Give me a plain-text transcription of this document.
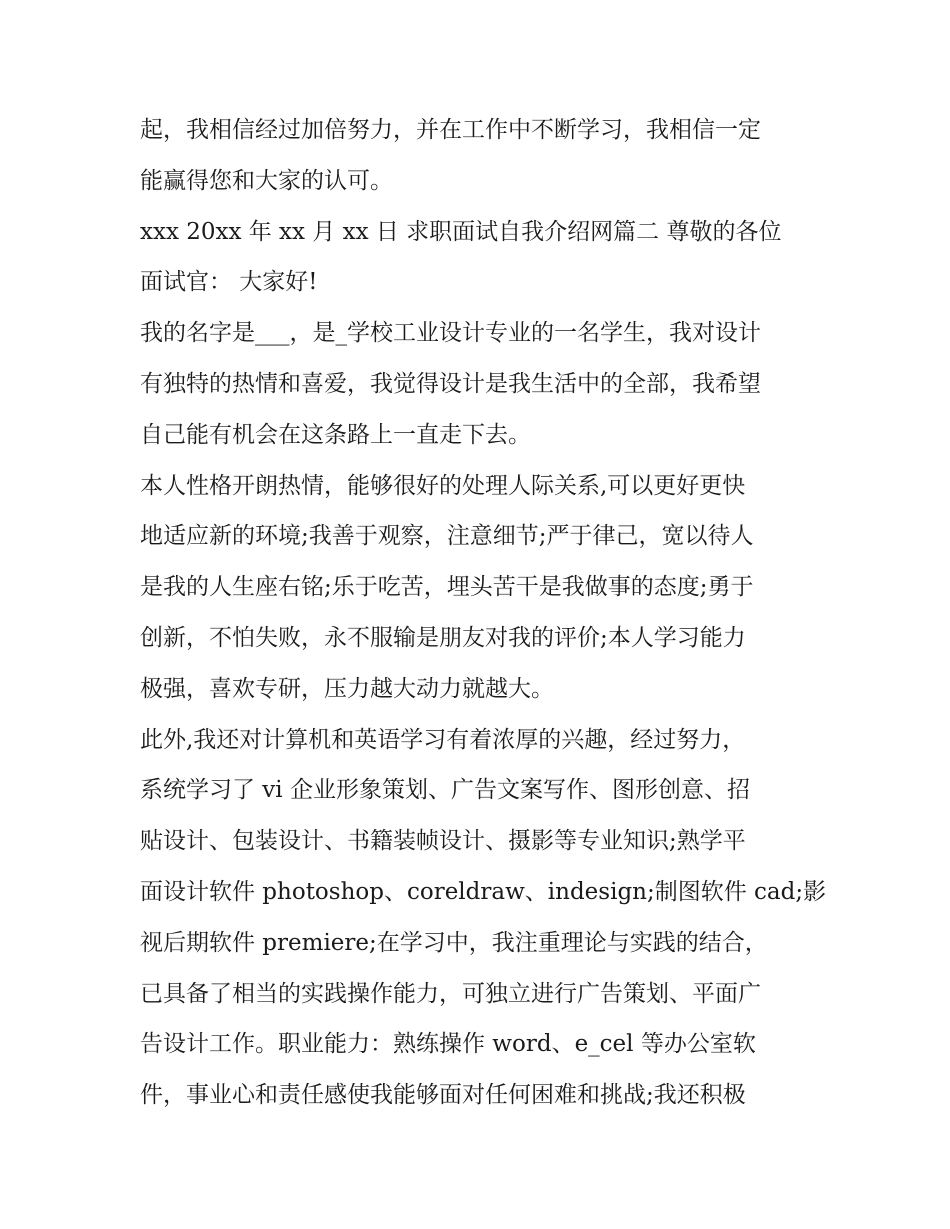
起，我相信经过加倍努力，并在工作中不断学习，我相信一定
能赢得您和大家的认可。
xxx 20xx 年 xx 月 xx 日 求职面试自我介绍网篇二 尊敬的各位
面试官： 大家好!
我的名字是___，是_学校工业设计专业的一名学生，我对设计
有独特的热情和喜爱，我觉得设计是我生活中的全部，我希望
自己能有机会在这条路上一直走下去。
本人性格开朗热情，能够很好的处理人际关系,可以更好更快
地适应新的环境;我善于观察，注意细节;严于律己，宽以待人
是我的人生座右铭;乐于吃苦，埋头苦干是我做事的态度;勇于
创新，不怕失败，永不服输是朋友对我的评价;本人学习能力
极强，喜欢专研，压力越大动力就越大。
此外,我还对计算机和英语学习有着浓厚的兴趣，经过努力，
系统学习了 vi 企业形象策划、广告文案写作、图形创意、招
贴设计、包装设计、书籍装帧设计、摄影等专业知识;熟学平
面设计软件 photoshop、coreldraw、indesign;制图软件 cad;影
视后期软件 premiere;在学习中，我注重理论与实践的结合，
已具备了相当的实践操作能力，可独立进行广告策划、平面广
告设计工作。职业能力：熟练操作 word、e_cel 等办公室软
件，事业心和责任感使我能够面对任何困难和挑战;我还积极
